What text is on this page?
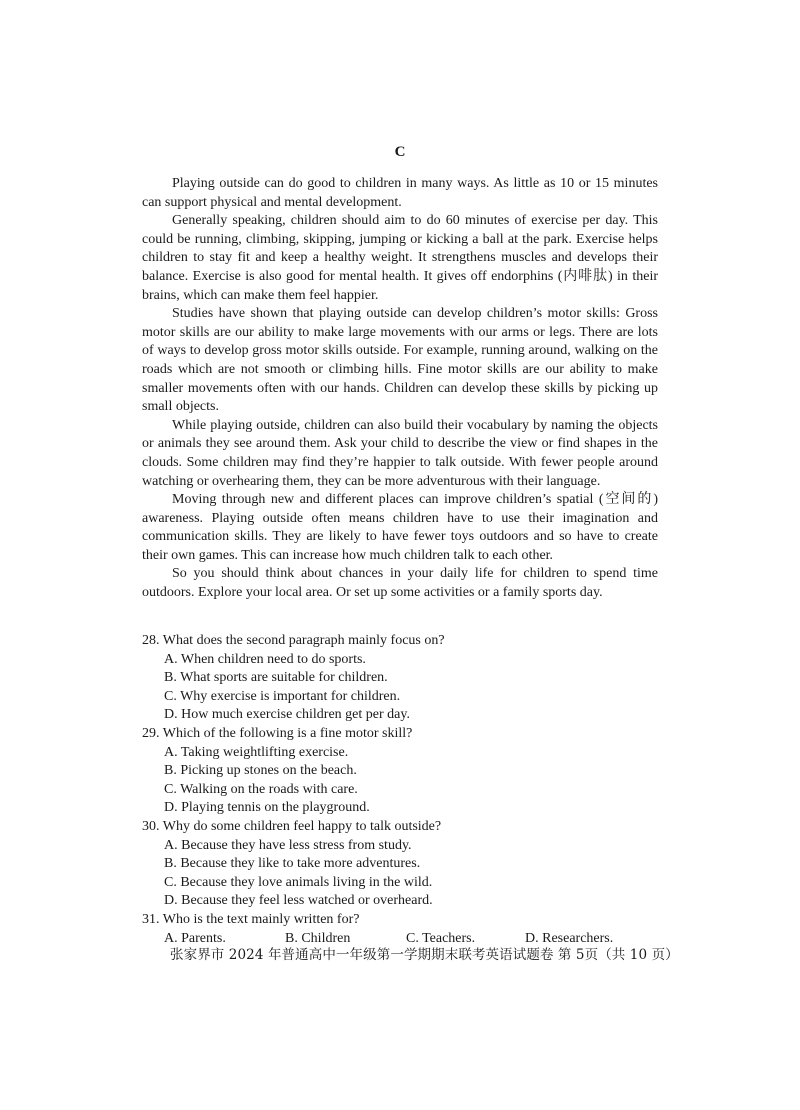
C

Playing outside can do good to children in many ways. As little as 10 or 15 minutes can support physical and mental development.

Generally speaking, children should aim to do 60 minutes of exercise per day. This could be running, climbing, skipping, jumping or kicking a ball at the park. Exercise helps children to stay fit and keep a healthy weight. It strengthens muscles and develops their balance. Exercise is also good for mental health. It gives off endorphins (内啡肽) in their brains, which can make them feel happier.

Studies have shown that playing outside can develop children’s motor skills: Gross motor skills are our ability to make large movements with our arms or legs. There are lots of ways to develop gross motor skills outside. For example, running around, walking on the roads which are not smooth or climbing hills. Fine motor skills are our ability to make smaller movements often with our hands. Children can develop these skills by picking up small objects.

While playing outside, children can also build their vocabulary by naming the objects or animals they see around them. Ask your child to describe the view or find shapes in the clouds. Some children may find they’re happier to talk outside. With fewer people around watching or overhearing them, they can be more adventurous with their language.

Moving through new and different places can improve children’s spatial (空间的) awareness. Playing outside often means children have to use their imagination and communication skills. They are likely to have fewer toys outdoors and so have to create their own games. This can increase how much children talk to each other.

So you should think about chances in your daily life for children to spend time outdoors. Explore your local area. Or set up some activities or a family sports day.

28. What does the second paragraph mainly focus on?

A. When children need to do sports.

B. What sports are suitable for children.

C. Why exercise is important for children.

D. How much exercise children get per day.

29. Which of the following is a fine motor skill?

A. Taking weightlifting exercise.

B. Picking up stones on the beach.

C. Walking on the roads with care.

D. Playing tennis on the playground.

30. Why do some children feel happy to talk outside?

A. Because they have less stress from study.

B. Because they like to take more adventures.

C. Because they love animals living in the wild.

D. Because they feel less watched or overheard.

31. Who is the text mainly written for?

A. Parents.	B. Children	C. Teachers.	D. Researchers.
张家界市 2024 年普通高中一年级第一学期期末联考英语试题卷 第 5页（共 10 页）
